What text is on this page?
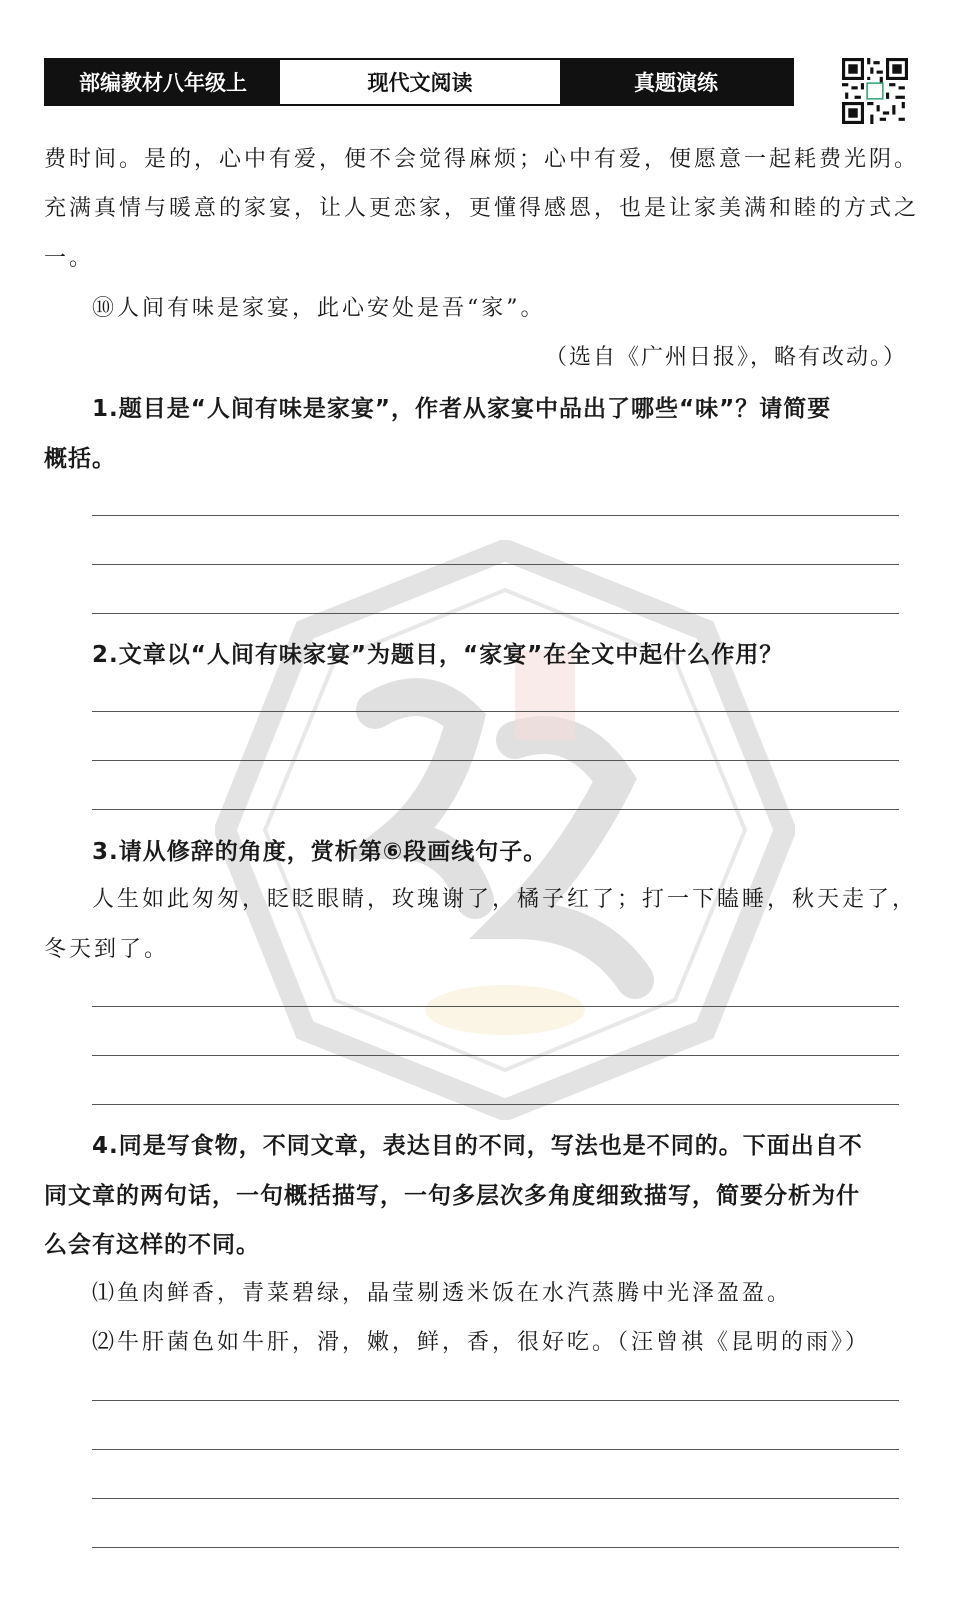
部编教材八年级上	现代文阅读	真题演练
费时间。是的，心中有爱，便不会觉得麻烦；心中有爱，便愿意一起耗费光阴。
充满真情与暖意的家宴，让人更恋家，更懂得感恩，也是让家美满和睦的方式之
一。
⑩人间有味是家宴，此心安处是吾“家”。
（选自《广州日报》，略有改动。）
1.题目是“人间有味是家宴”，作者从家宴中品出了哪些“味”？请简要
概括。
2.文章以“人间有味家宴”为题目，“家宴”在全文中起什么作用？
3.请从修辞的角度，赏析第⑥段画线句子。
人生如此匆匆，眨眨眼睛，玫瑰谢了，橘子红了；打一下瞌睡，秋天走了，
冬天到了。
4.同是写食物，不同文章，表达目的不同，写法也是不同的。下面出自不
同文章的两句话，一句概括描写，一句多层次多角度细致描写，简要分析为什
么会有这样的不同。
⑴鱼肉鲜香，青菜碧绿，晶莹剔透米饭在水汽蒸腾中光泽盈盈。
⑵牛肝菌色如牛肝，滑，嫩，鲜，香，很好吃。（汪曾祺《昆明的雨》）
